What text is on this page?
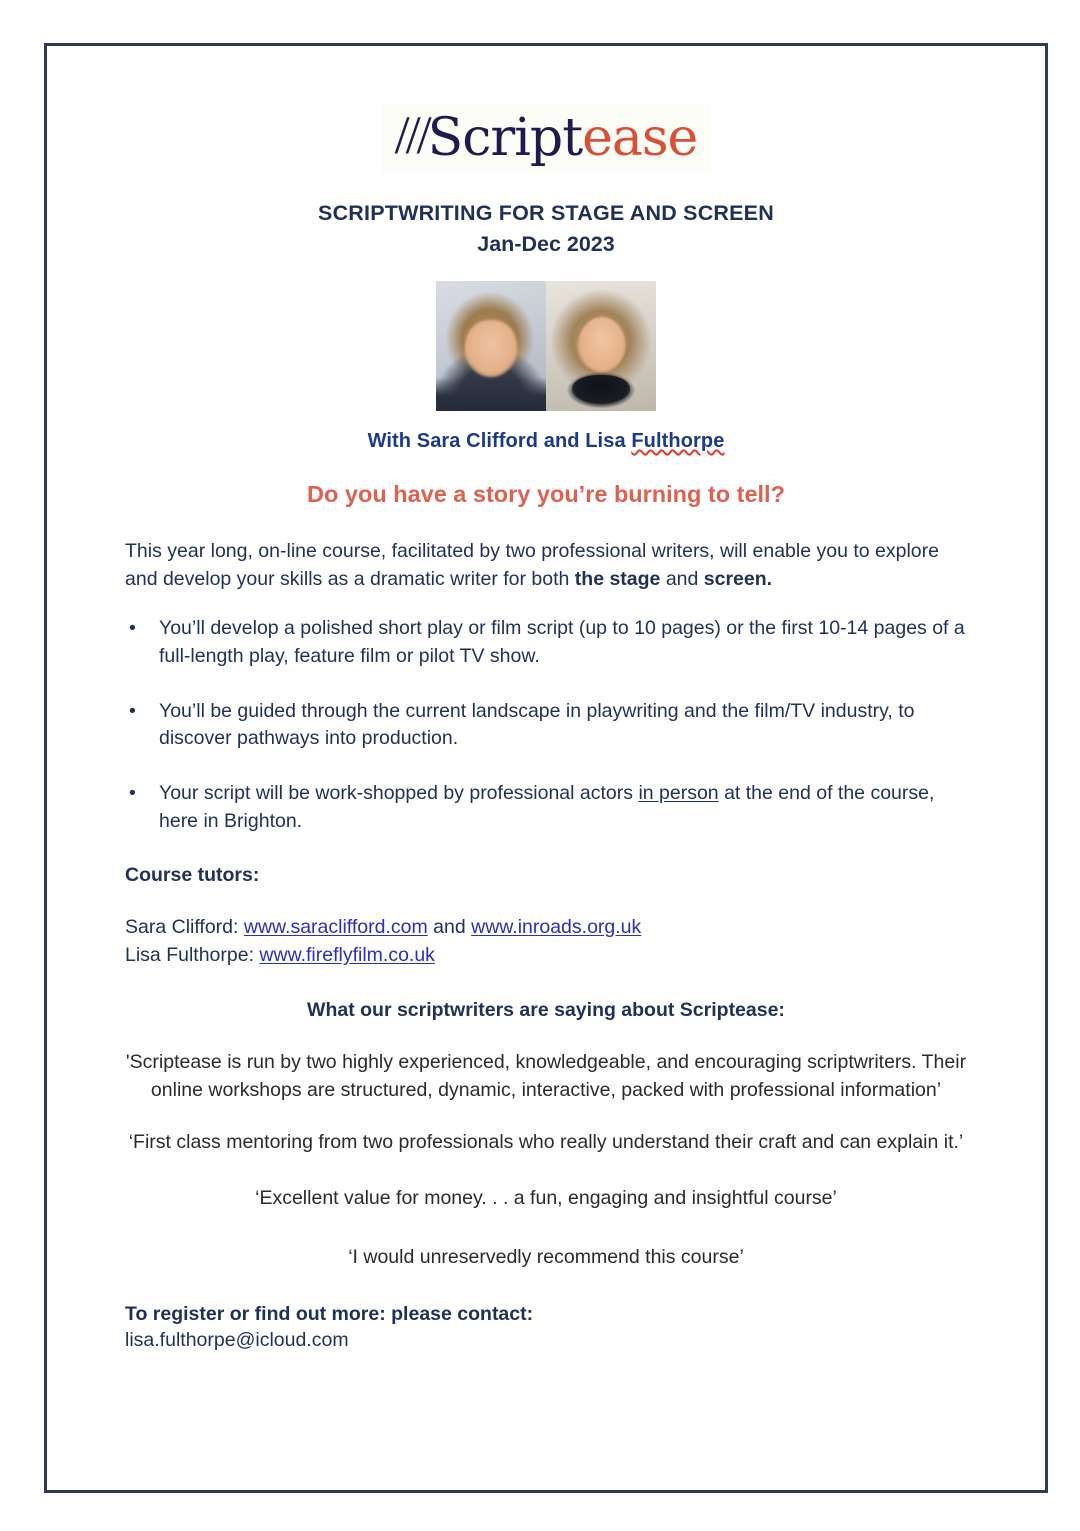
///Scriptease
SCRIPTWRITING FOR STAGE AND SCREEN
Jan-Dec 2023
With Sara Clifford and Lisa Fulthorpe
Do you have a story you’re burning to tell?

This year long, on-line course, facilitated by two professional writers, will enable you to explore and develop your skills as a dramatic writer for both the stage and screen.

• You’ll develop a polished short play or film script (up to 10 pages) or the first 10-14 pages of a full-length play, feature film or pilot TV show.
• You’ll be guided through the current landscape in playwriting and the film/TV industry, to discover pathways into production.
• Your script will be work-shopped by professional actors in person at the end of the course, here in Brighton.
Course tutors:
Sara Clifford: www.saraclifford.com and www.inroads.org.uk
Lisa Fulthorpe: www.fireflyfilm.co.uk
What our scriptwriters are saying about Scriptease:

'Scriptease is run by two highly experienced, knowledgeable, and encouraging scriptwriters. Their online workshops are structured, dynamic, interactive, packed with professional information’

‘First class mentoring from two professionals who really understand their craft and can explain it.’

‘Excellent value for money. . . a fun, engaging and insightful course’

‘I would unreservedly recommend this course’

To register or find out more: please contact:
lisa.fulthorpe@icloud.com
